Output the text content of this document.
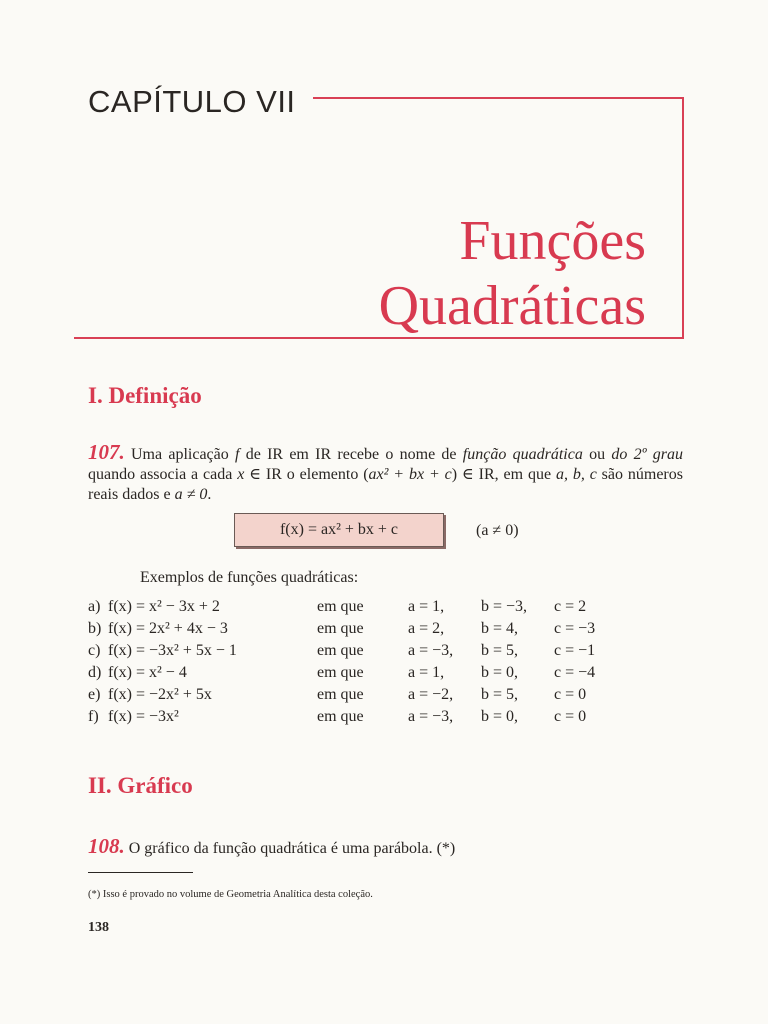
CAPÍTULO VII
Funções
Quadráticas
I. Definição
107. Uma aplicação f de IR em IR recebe o nome de função quadrática ou do 2º grau quando associa a cada x ∈ IR o elemento (ax² + bx + c) ∈ IR, em que a, b, c são números reais dados e a ≠ 0.
f(x) = ax² + bx + c	(a ≠ 0)
Exemplos de funções quadráticas:
a) f(x) = x² − 3x + 2	em que	a = 1, b = −3, c = 2
b) f(x) = 2x² + 4x − 3	em que	a = 2, b = 4, c = −3
c) f(x) = −3x² + 5x − 1	em que	a = −3, b = 5, c = −1
d) f(x) = x² − 4	em que	a = 1, b = 0, c = −4
e) f(x) = −2x² + 5x	em que	a = −2, b = 5, c = 0
f) f(x) = −3x²	em que	a = −3, b = 0, c = 0
II. Gráfico
108. O gráfico da função quadrática é uma parábola. (*)
(*) Isso é provado no volume de Geometria Analítica desta coleção.
138
